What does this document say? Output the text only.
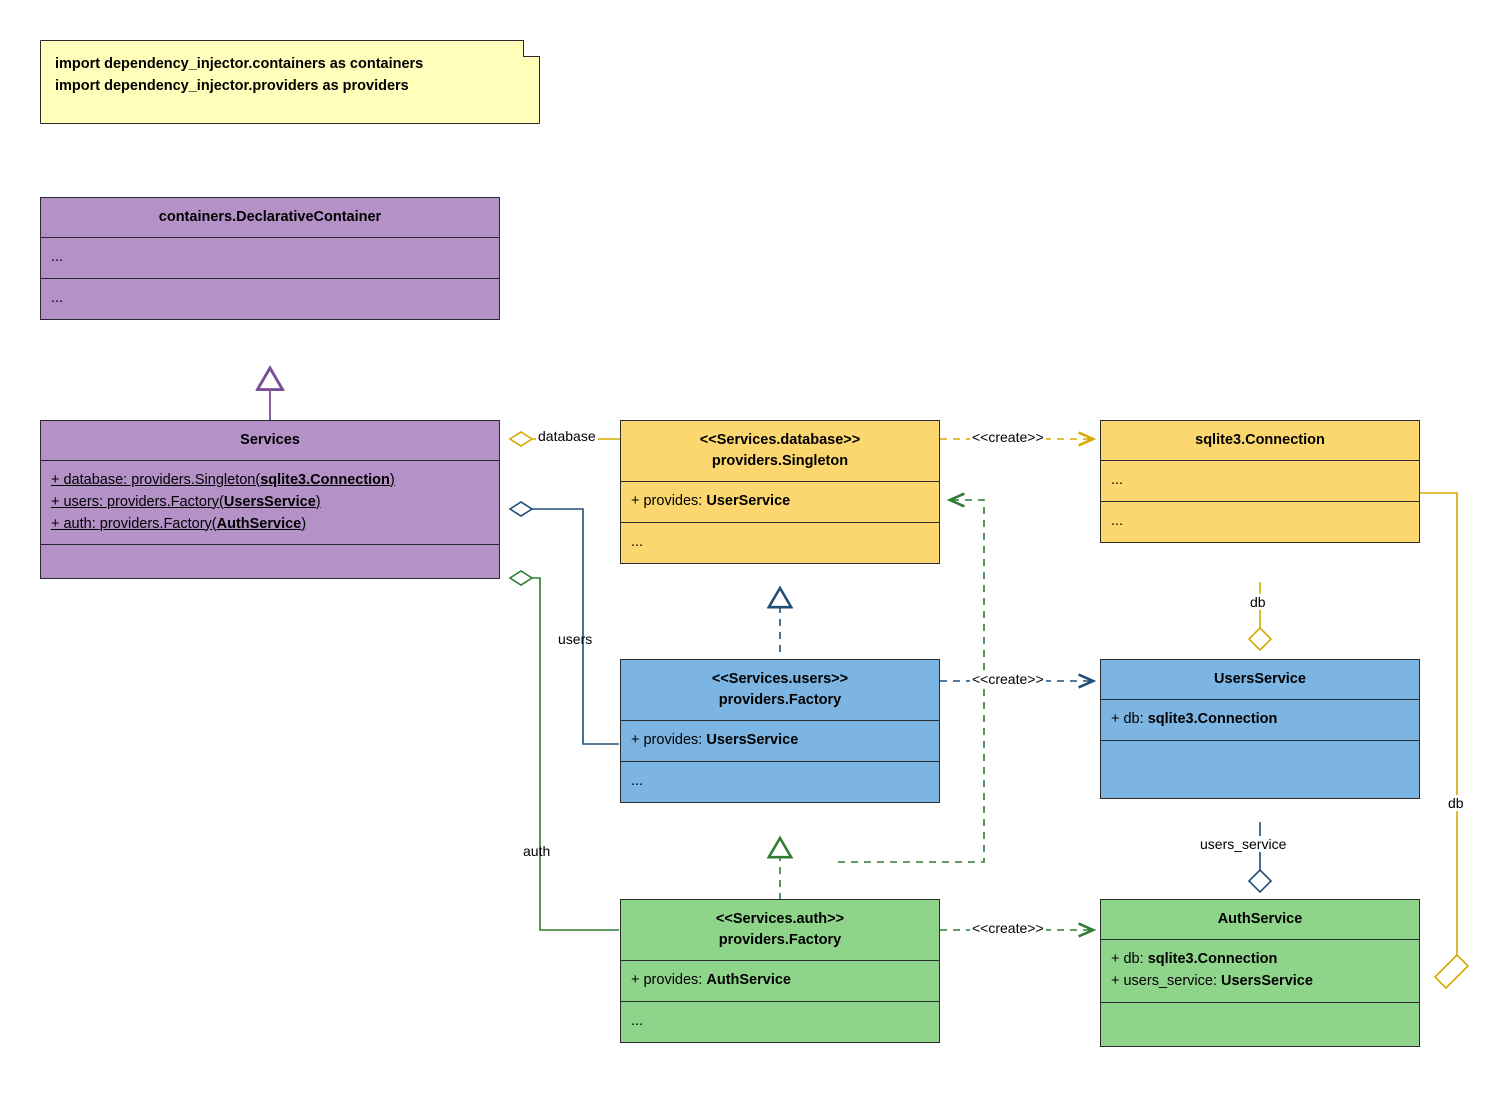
import dependency_injector.containers as containers
import dependency_injector.providers as providers
containers.DeclarativeContainer
...
...
Services
+ database: providers.Singleton(sqlite3.Connection)
+ users: providers.Factory(UsersService)
+ auth: providers.Factory(AuthService)
<<Services.database>>
providers.Singleton
+ provides: UserService
...
sqlite3.Connection
...
...
<<Services.users>>
providers.Factory
+ provides: UsersService
...
UsersService
+ db: sqlite3.Connection
<<Services.auth>>
providers.Factory
+ provides: AuthService
...
AuthService
+ db: sqlite3.Connection
+ users_service: UsersService
database
users
auth
<<create>>
<<create>>
<<create>>
db
db
users_service
